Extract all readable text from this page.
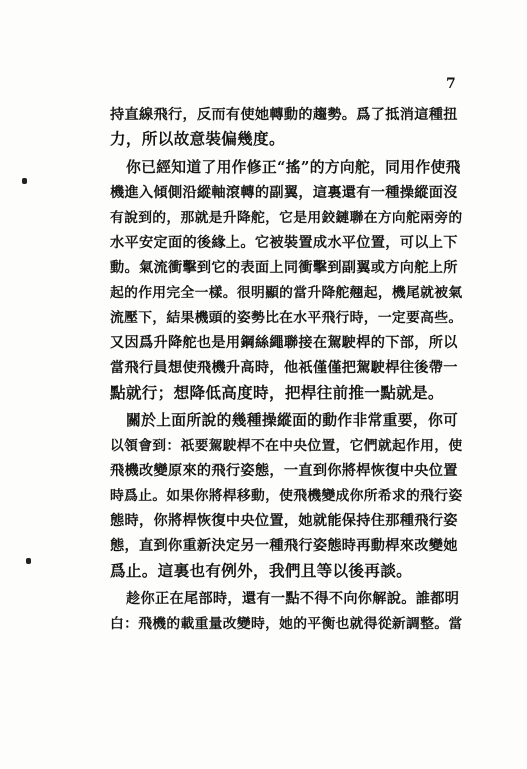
7
持直線飛行，反而有使她轉動的趨勢。爲了抵消這種扭
力，所以故意裝偏幾度。
你已經知道了用作修正“搖”的方向舵，同用作使飛
機進入傾側沿縱軸滾轉的副翼，這裏還有一種操縱面沒
有說到的，那就是升降舵，它是用鉸鏈聯在方向舵兩旁的
水平安定面的後緣上。它被裝置成水平位置，可以上下
動。氣流衝擊到它的表面上同衝擊到副翼或方向舵上所
起的作用完全一樣。很明顯的當升降舵翹起，機尾就被氣
流壓下，結果機頭的姿勢比在水平飛行時，一定要高些。
又因爲升降舵也是用鋼絲繩聯接在駕駛桿的下部，所以
當飛行員想使飛機升高時，他祇僅僅把駕駛桿往後帶一
點就行；想降低高度時，把桿往前推一點就是。
關於上面所說的幾種操縱面的動作非常重要，你可
以領會到：祇要駕駛桿不在中央位置，它們就起作用，使
飛機改變原來的飛行姿態，一直到你將桿恢復中央位置
時爲止。如果你將桿移動，使飛機變成你所希求的飛行姿
態時，你將桿恢復中央位置，她就能保持住那種飛行姿
態，直到你重新決定另一種飛行姿態時再動桿來改變她
爲止。這裏也有例外，我們且等以後再談。
趁你正在尾部時，還有一點不得不向你解說。誰都明
白：飛機的載重量改變時，她的平衡也就得從新調整。當
